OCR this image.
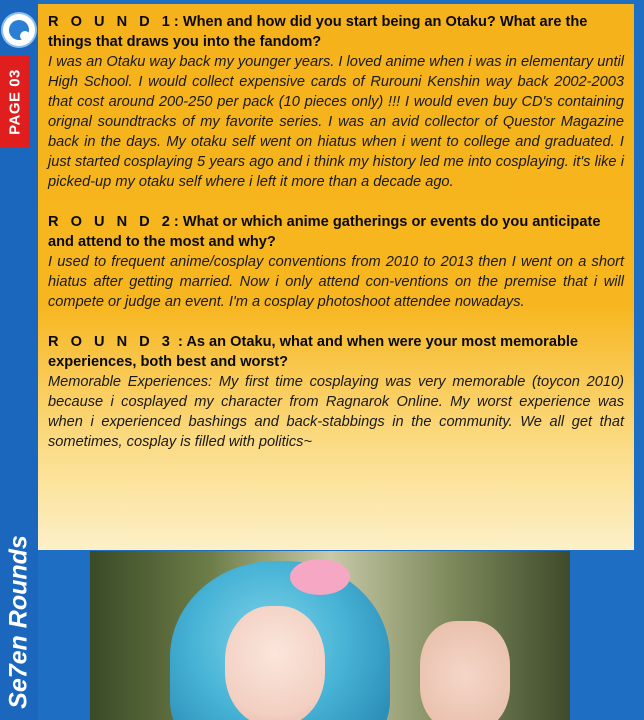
PAGE 03
Se7en Rounds

R O U N D 1: When and how did you start being an Otaku? What are the things that draws you into the fandom?

I was an Otaku way back my younger years. I loved anime when i was in elementary until High School. I would collect expensive cards of Rurouni Kenshin way back 2002-2003 that cost around 200-250 per pack (10 pieces only) !!! I would even buy CD's containing orignal soundtracks of my favorite series. I was an avid collector of Questor Magazine back in the days. My otaku self went on hiatus when i went to college and graduated. I just started cosplaying 5 years ago and i think my history led me into cosplaying. it's like i picked-up my otaku self where i left it more than a decade ago.

R O U N D 2: What or which anime gatherings or events do you anticipate and attend to the most and why?

I used to frequent anime/cosplay conventions from 2010 to 2013 then I went on a short hiatus after getting married. Now i only attend con-ventions on the premise that i will compete or judge an event. I'm a cosplay photoshoot attendee nowadays.

R O U N D 3 : As an Otaku, what and when were your most memorable experiences, both best and worst?

Memorable Experiences: My first time cosplaying was very memorable (toycon 2010) because i cosplayed my character from Ragnarok Online. My worst experience was when i experienced bashings and back-stabbings in the community. We all get that sometimes, cosplay is filled with politics~
